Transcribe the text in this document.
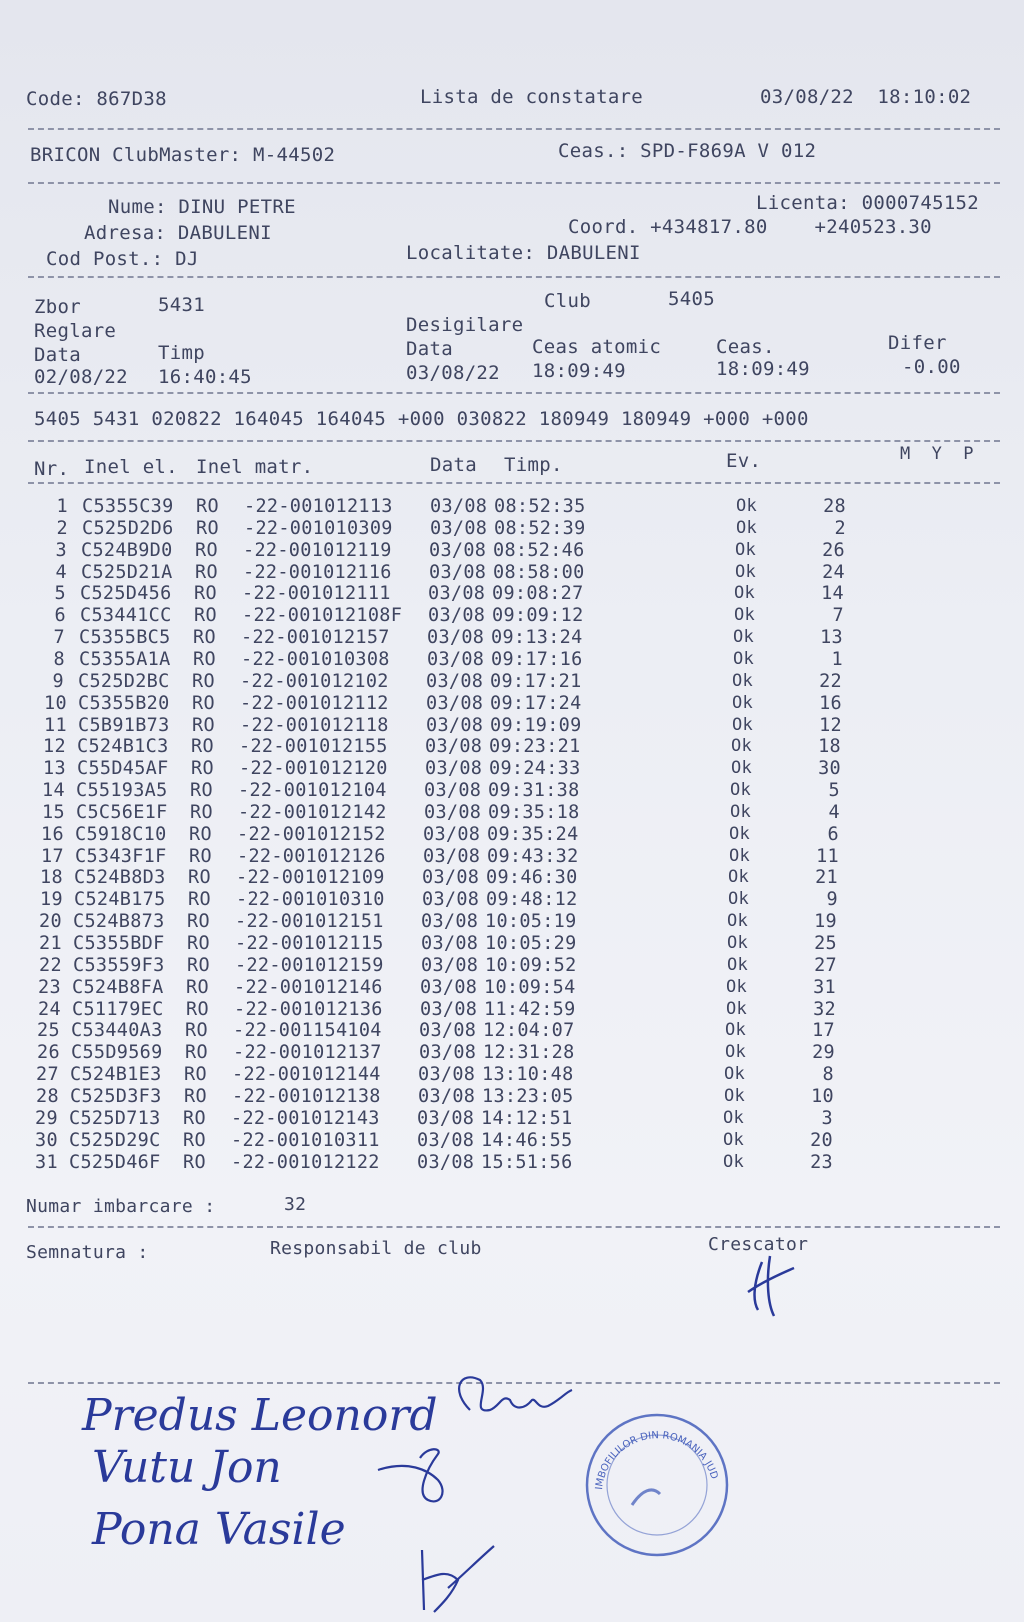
Code: 867D38	Lista de constatare	03/08/22  18:10:02
BRICON ClubMaster: M-44502	Ceas.: SPD-F869A V 012
Nume: DINU PETRE	Licenta: 0000745152
Adresa: DABULENI	Coord. +434817.80    +240523.30
Cod Post.: DJ	Localitate: DABULENI
Zbor	5431	Club	5405
Reglare	Desigilare
Data	Timp	Data	Ceas atomic	Ceas.	Difer
02/08/22 16:40:45	03/08/22 18:09:49	18:09:49	-0.00
5405 5431 020822 164045 164045 +000 030822 180949 180949 +000 +000
Nr. Inel el. Inel matr.	Data Timp.	Ev.	M  Y  P
1 C5355C39 RO -22-001012113 03/08 08:52:35	Ok	28
2 C525D2D6 RO -22-001010309 03/08 08:52:39	Ok	2
3 C524B9D0 RO -22-001012119 03/08 08:52:46	Ok	26
4 C525D21A RO -22-001012116 03/08 08:58:00	Ok	24
5 C525D456 RO -22-001012111 03/08 09:08:27	Ok	14
6 C53441CC RO -22-001012108F 03/08 09:09:12	Ok	7
7 C5355BC5 RO -22-001012157 03/08 09:13:24	Ok	13
8 C5355A1A RO -22-001010308 03/08 09:17:16	Ok	1
9 C525D2BC RO -22-001012102 03/08 09:17:21	Ok	22
10 C5355B20 RO -22-001012112 03/08 09:17:24	Ok	16
11 C5B91B73 RO -22-001012118 03/08 09:19:09	Ok	12
12 C524B1C3 RO -22-001012155 03/08 09:23:21	Ok	18
13 C55D45AF RO -22-001012120 03/08 09:24:33	Ok	30
14 C55193A5 RO -22-001012104 03/08 09:31:38	Ok	5
15 C5C56E1F RO -22-001012142 03/08 09:35:18	Ok	4
16 C5918C10 RO -22-001012152 03/08 09:35:24	Ok	6
17 C5343F1F RO -22-001012126 03/08 09:43:32	Ok	11
18 C524B8D3 RO -22-001012109 03/08 09:46:30	Ok	21
19 C524B175 RO -22-001010310 03/08 09:48:12	Ok	9
20 C524B873 RO -22-001012151 03/08 10:05:19	Ok	19
21 C5355BDF RO -22-001012115 03/08 10:05:29	Ok	25
22 C53559F3 RO -22-001012159 03/08 10:09:52	Ok	27
23 C524B8FA RO -22-001012146 03/08 10:09:54	Ok	31
24 C51179EC RO -22-001012136 03/08 11:42:59	Ok	32
25 C53440A3 RO -22-001154104 03/08 12:04:07	Ok	17
26 C55D9569 RO -22-001012137 03/08 12:31:28	Ok	29
27 C524B1E3 RO -22-001012144 03/08 13:10:48	Ok	8
28 C525D3F3 RO -22-001012138 03/08 13:23:05	Ok	10
29 C525D713 RO -22-001012143 03/08 14:12:51	Ok	3
30 C525D29C RO -22-001010311 03/08 14:46:55	Ok	20
31 C525D46F RO -22-001012122 03/08 15:51:56	Ok	23
Numar imbarcare :	32
Semnatura :	Responsabil de club	Crescator
Predus Leonord
Vutu Jon
Pona Vasile
IMBOFILILOR DIN ROMANIA JUDETULUI DOLJ IGG
